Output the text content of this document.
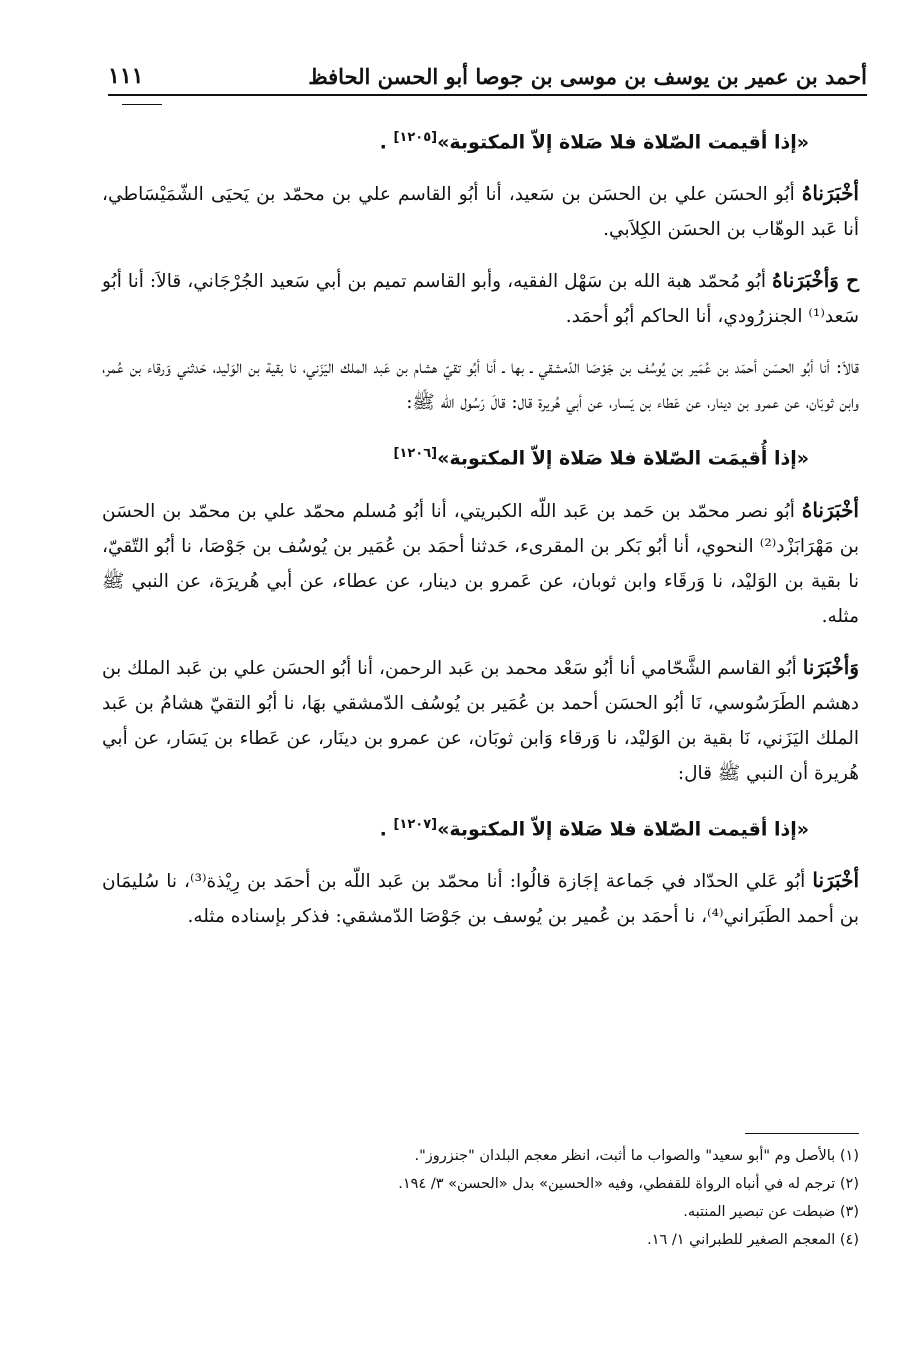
أحمد بن عمير بن يوسف بن موسى بن جوصا أبو الحسن الحافظ
١١١

«إذا أقيمت الصّلاة فلا صَلاة إلاّ المكتوبة»[١٢٠٥] .

أخْبَرَناهُ أبُو الحسَن علي بن الحسَن بن سَعيد، أنا أبُو القاسم علي بن محمّد بن يَحيَى الشّمَيْسَاطي، أنا عَبد الوهّاب بن الحسَن الكِلاَبي.

ح وَأخْبَرَناهُ أبُو مُحمّد هبة الله بن سَهْل الفقيه، وأبو القاسم تميم بن أبي سَعيد الجُرْجَاني، قالاَ: أنا أبُو سَعد⁽¹⁾ الجنزرُودي، أنا الحاكم أبُو أحمَد.

قالاَ: أنا أبُو الحسَن أحمَد بن عُمَير بن يُوسُف بن جَوْصَا الدّمشقي ـ بها ـ أنا أبُو تقيّ هشام بن عَبد الملك اليَزَني، نا بقية بن الوَليد، حَدثني وَرقاء بن عُمر، وابن ثوبَان، عن عمرو بن دينار، عن عَطاء بن يَسار، عن أبي هُريرة قال: قالَ رَسُول الله ﷺ:

«إذا أُقيمَت الصّلاة فلا صَلاة إلاّ المكتوبة»[١٢٠٦]

أخْبَرَناهُ أبُو نصر محمّد بن حَمد بن عَبد اللّه الكبريتي، أنا أبُو مُسلم محمّد علي بن محمّد بن الحسَن بن مَهْرَابَزْد⁽²⁾ النحوي، أنا أبُو بَكر بن المقرىء، حَدثنا أحمَد بن عُمَير بن يُوسُف بن جَوْصَا، نا أبُو التّقيّ، نا بقية بن الوَليْد، نا وَرقَاء وابن ثوبان، عن عَمرو بن دينار، عن عطاء، عن أبي هُريرَة، عن النبي ﷺ مثله.

وَأخْبَرَنا أبُو القاسم الشَّحّامي أنا أبُو سَعْد محمد بن عَبد الرحمن، أنا أبُو الحسَن علي بن عَبد الملك بن دهشم الطَرَسُوسي، نَا أبُو الحسَن أحمد بن عُمَير بن يُوسُف الدّمشقي بهَا، نا أبُو التقيّ هشامُ بن عَبد الملك اليَزَني، نَا بقية بن الوَليْد، نا وَرقاء وَابن ثوبَان، عن عمرو بن دينَار، عن عَطاء بن يَسَار، عن أبي هُريرة أن النبي ﷺ قال:

«إذا أقيمت الصّلاة فلا صَلاة إلاّ المكتوبة»[١٢٠٧] .

أخْبَرَنا أبُو عَلي الحدّاد في جَماعة إجَازة قالُوا: أنا محمّد بن عَبد اللّه بن أحمَد بن رِيْذة⁽³⁾، نا سُليمَان بن أحمد الطَبَراني⁽⁴⁾، نا أحمَد بن عُمير بن يُوسف بن جَوْصَا الدّمشقي: فذكر بإسناده مثله.

(١) بالأصل وم "أبو سعيد" والصواب ما أثبت، انظر معجم البلدان "جنزروز".
(٢) ترجم له في أنباه الرواة للقفطي، وفيه «الحسين» بدل «الحسن» ٣/ ١٩٤.
(٣) ضبطت عن تبصير المنتبه.
(٤) المعجم الصغير للطبراني ١/ ١٦.
